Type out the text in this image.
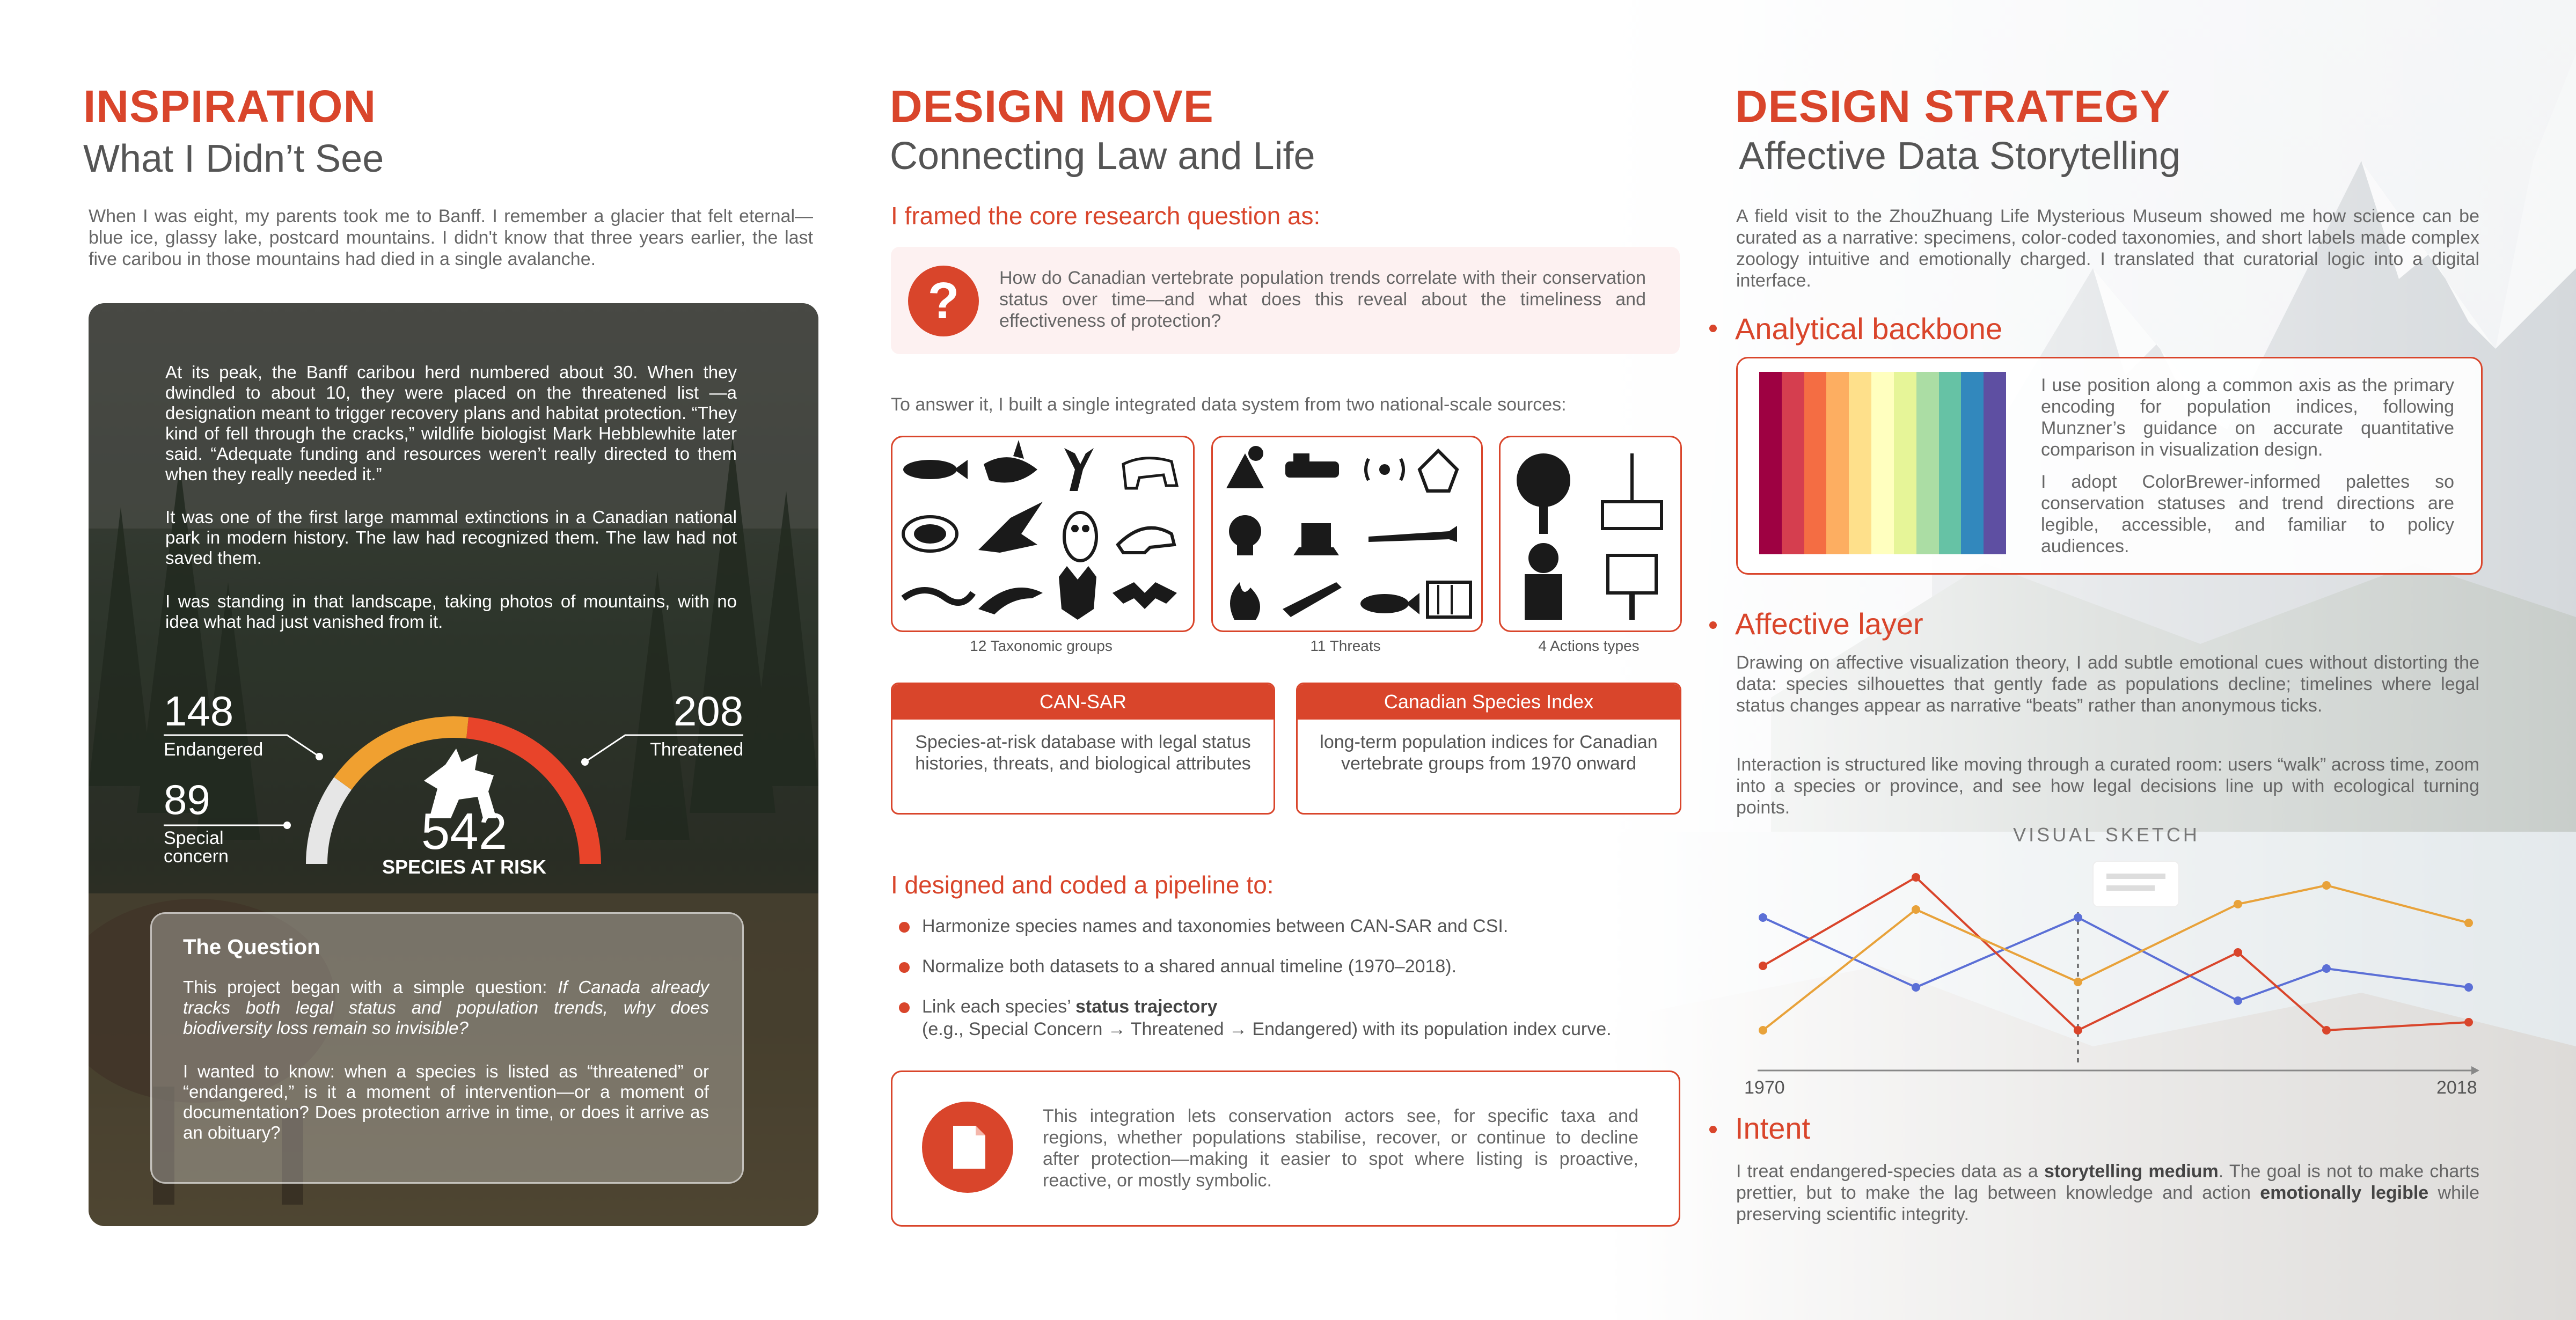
INSPIRATION
What I Didn’t See
When I was eight, my parents took me to Banff. I remember a glacier that felt eternal—blue ice, glassy lake, postcard mountains. I didn't know that three years earlier, the last five caribou in those mountains had died in a single avalanche.
At its peak, the Banff caribou herd numbered about 30. When they dwindled to about 10, they were placed on the threatened list —a designation meant to trigger recovery plans and habitat protection. “They kind of fell through the cracks,” wildlife biologist Mark Hebblewhite later said. “Adequate funding and resources weren’t really directed to them when they really needed it.”
It was one of the first large mammal extinctions in a Canadian national park in modern history. The law had recognized them. The law had not saved them.
I was standing in that landscape, taking photos of mountains, with no idea what had just vanished from it.
148
Endangered
89
Special
concern
208
Threatened
542
SPECIES AT RISK
The Question
This project began with a simple question: If Canada already tracks both legal status and population trends, why does biodiversity loss remain so invisible?
I wanted to know: when a species is listed as “threatened” or “endangered,” is it a moment of intervention—or a moment of documentation? Does protection arrive in time, or does it arrive as an obituary?
DESIGN MOVE
Connecting Law and Life
I framed the core research question as:
?	How do Canadian vertebrate population trends correlate with their conservation status over time—and what does this reveal about the timeliness and effectiveness of protection?
To answer it, I built a single integrated data system from two national-scale sources:
12 Taxonomic groups	11 Threats	4 Actions types
CAN-SAR
Species-at-risk database with legal status histories, threats, and biological attributes
Canadian Species Index
long-term population indices for Canadian vertebrate groups from 1970 onward
I designed and coded a pipeline to:
Harmonize species names and taxonomies between CAN-SAR and CSI.
Normalize both datasets to a shared annual timeline (1970–2018).
Link each species’ status trajectory
(e.g., Special Concern → Threatened → Endangered) with its population index curve.
This integration lets conservation actors see, for specific taxa and regions, whether populations stabilise, recover, or continue to decline after protection—making it easier to spot where listing is proactive, reactive, or mostly symbolic.
DESIGN STRATEGY
Affective Data Storytelling
A field visit to the ZhouZhuang Life Mysterious Museum showed me how science can be curated as a narrative: specimens, color-coded taxonomies, and short labels made complex zoology intuitive and emotionally charged. I translated that curatorial logic into a digital interface.
Analytical backbone
I use position along a common axis as the primary encoding for population indices, following Munzner’s guidance on accurate quantitative comparison in visualization design.
I adopt ColorBrewer-informed palettes so conservation statuses and trend directions are legible, accessible, and familiar to policy audiences.
Affective layer
Drawing on affective visualization theory, I add subtle emotional cues without distorting the data: species silhouettes that gently fade as populations decline; timelines where legal status changes appear as narrative “beats” rather than anonymous ticks.
Interaction is structured like moving through a curated room: users “walk” across time, zoom into a species or province, and see how legal decisions line up with ecological turning points.
VISUAL SKETCH
1970	2018
Intent
I treat endangered-species data as a storytelling medium. The goal is not to make charts prettier, but to make the lag between knowledge and action emotionally legible while preserving scientific integrity.
